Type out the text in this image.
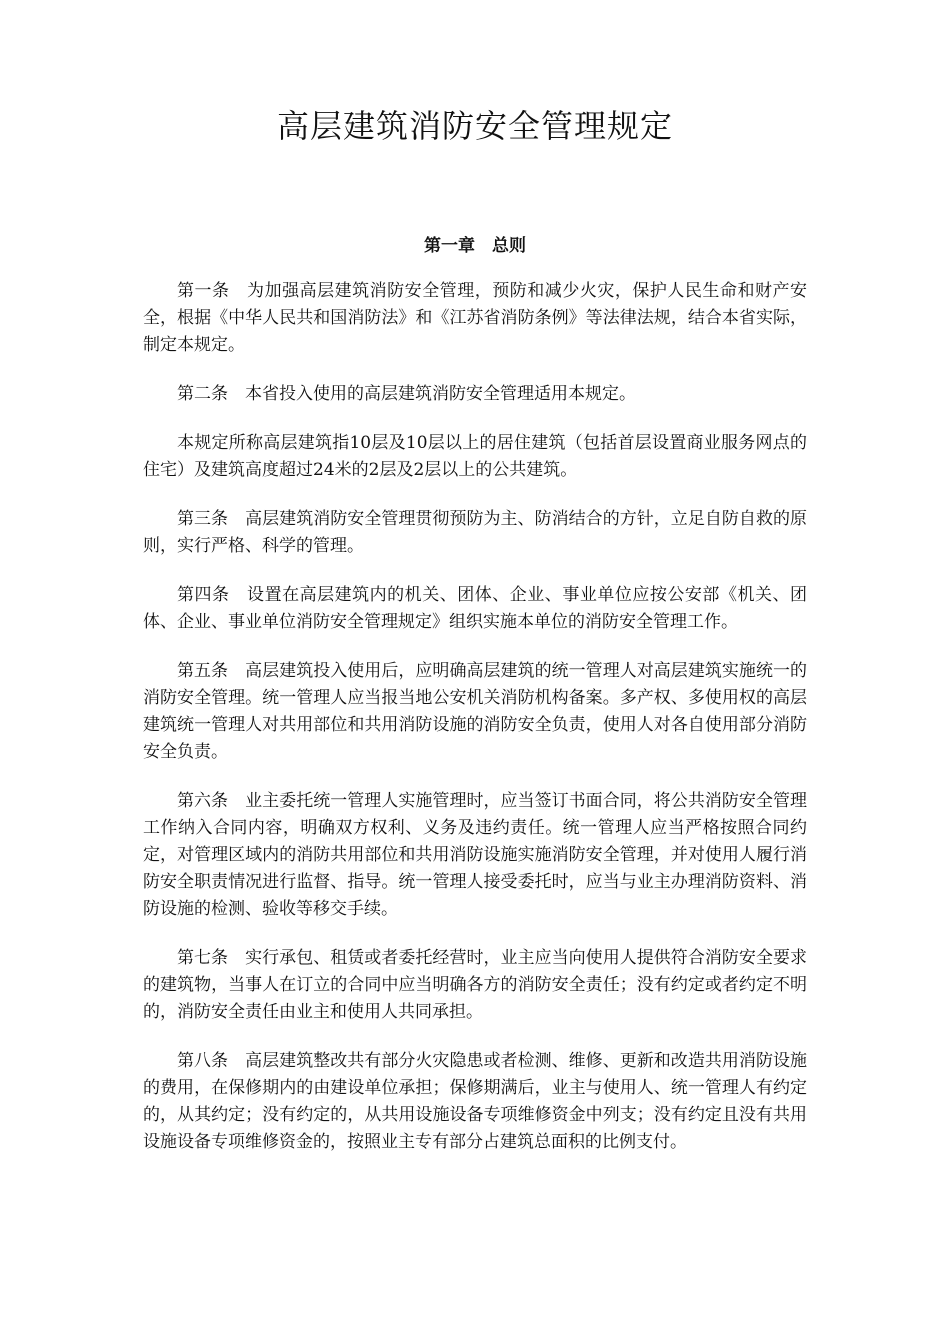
高层建筑消防安全管理规定
第一章　总则

第一条　为加强高层建筑消防安全管理，预防和减少火灾，保护人民生命和财产安全，根据《中华人民共和国消防法》和《江苏省消防条例》等法律法规，结合本省实际，制定本规定。

第二条　本省投入使用的高层建筑消防安全管理适用本规定。

本规定所称高层建筑指10层及10层以上的居住建筑（包括首层设置商业服务网点的住宅）及建筑高度超过24米的2层及2层以上的公共建筑。

第三条　高层建筑消防安全管理贯彻预防为主、防消结合的方针，立足自防自救的原则，实行严格、科学的管理。

第四条　设置在高层建筑内的机关、团体、企业、事业单位应按公安部《机关、团体、企业、事业单位消防安全管理规定》组织实施本单位的消防安全管理工作。

第五条　高层建筑投入使用后，应明确高层建筑的统一管理人对高层建筑实施统一的消防安全管理。统一管理人应当报当地公安机关消防机构备案。多产权、多使用权的高层建筑统一管理人对共用部位和共用消防设施的消防安全负责，使用人对各自使用部分消防安全负责。

第六条　业主委托统一管理人实施管理时，应当签订书面合同，将公共消防安全管理工作纳入合同内容，明确双方权利、义务及违约责任。统一管理人应当严格按照合同约定，对管理区域内的消防共用部位和共用消防设施实施消防安全管理，并对使用人履行消防安全职责情况进行监督、指导。统一管理人接受委托时，应当与业主办理消防资料、消防设施的检测、验收等移交手续。

第七条　实行承包、租赁或者委托经营时，业主应当向使用人提供符合消防安全要求的建筑物，当事人在订立的合同中应当明确各方的消防安全责任；没有约定或者约定不明的，消防安全责任由业主和使用人共同承担。

第八条　高层建筑整改共有部分火灾隐患或者检测、维修、更新和改造共用消防设施的费用，在保修期内的由建设单位承担；保修期满后，业主与使用人、统一管理人有约定的，从其约定；没有约定的，从共用设施设备专项维修资金中列支；没有约定且没有共用设施设备专项维修资金的，按照业主专有部分占建筑总面积的比例支付。
